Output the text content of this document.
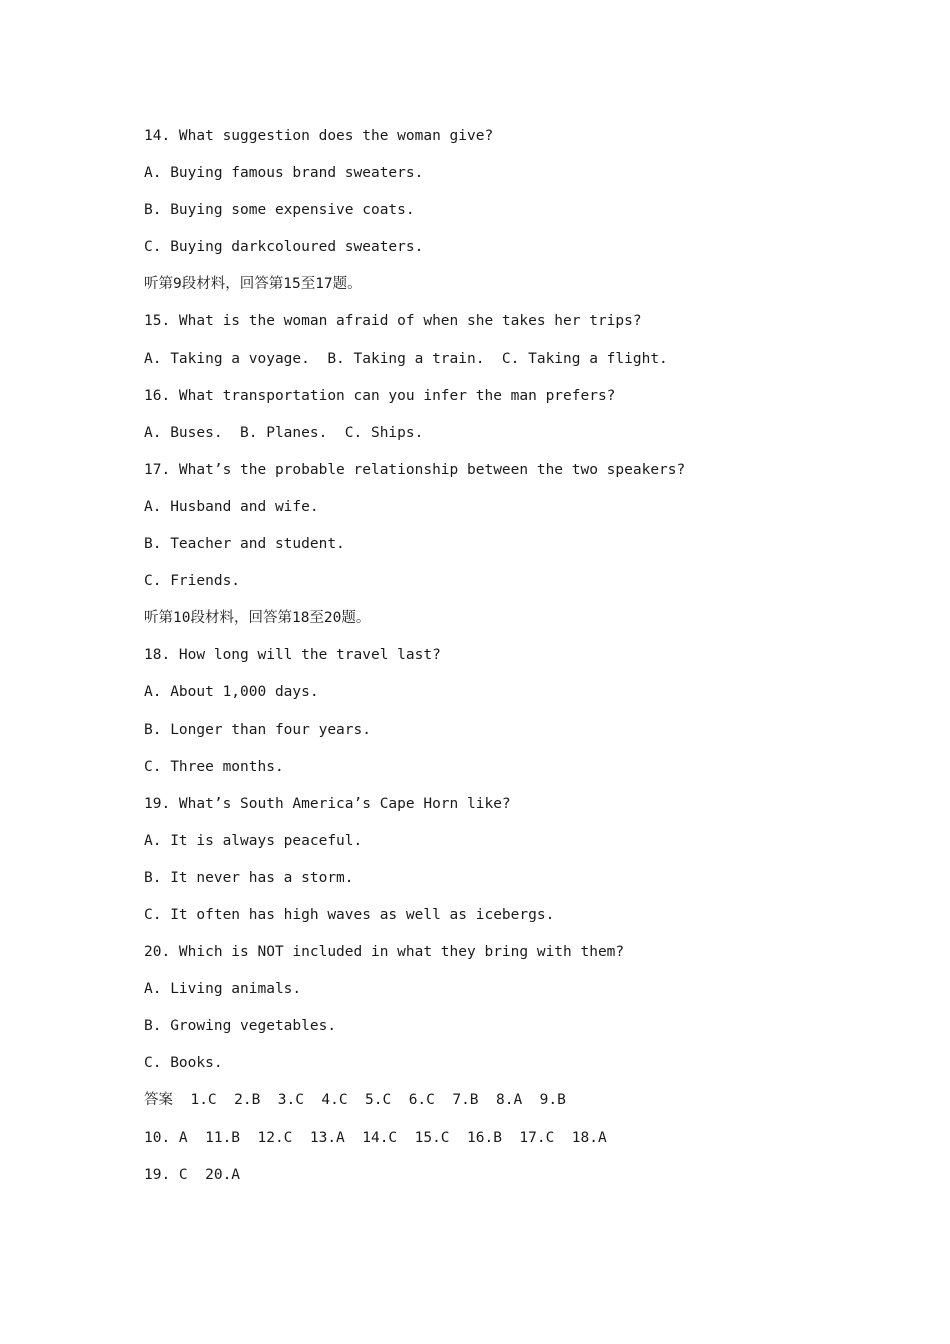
14. What suggestion does the woman give?
A. Buying famous brand sweaters.
B. Buying some expensive coats.
C. Buying darkcoloured sweaters.
听第9段材料，回答第15至17题。
15. What is the woman afraid of when she takes her trips?
A. Taking a voyage.  B. Taking a train.  C. Taking a flight.
16. What transportation can you infer the man prefers?
A. Buses.  B. Planes.  C. Ships.
17. What’s the probable relationship between the two speakers?
A. Husband and wife.
B. Teacher and student.
C. Friends.
听第10段材料，回答第18至20题。
18. How long will the travel last?
A. About 1,000 days.
B. Longer than four years.
C. Three months.
19. What’s South America’s Cape Horn like?
A. It is always peaceful.
B. It never has a storm.
C. It often has high waves as well as icebergs.
20. Which is NOT included in what they bring with them?
A. Living animals.
B. Growing vegetables.
C. Books.
答案  1.C  2.B  3.C  4.C  5.C  6.C  7.B  8.A  9.B
10. A  11.B  12.C  13.A  14.C  15.C  16.B  17.C  18.A
19. C  20.A
